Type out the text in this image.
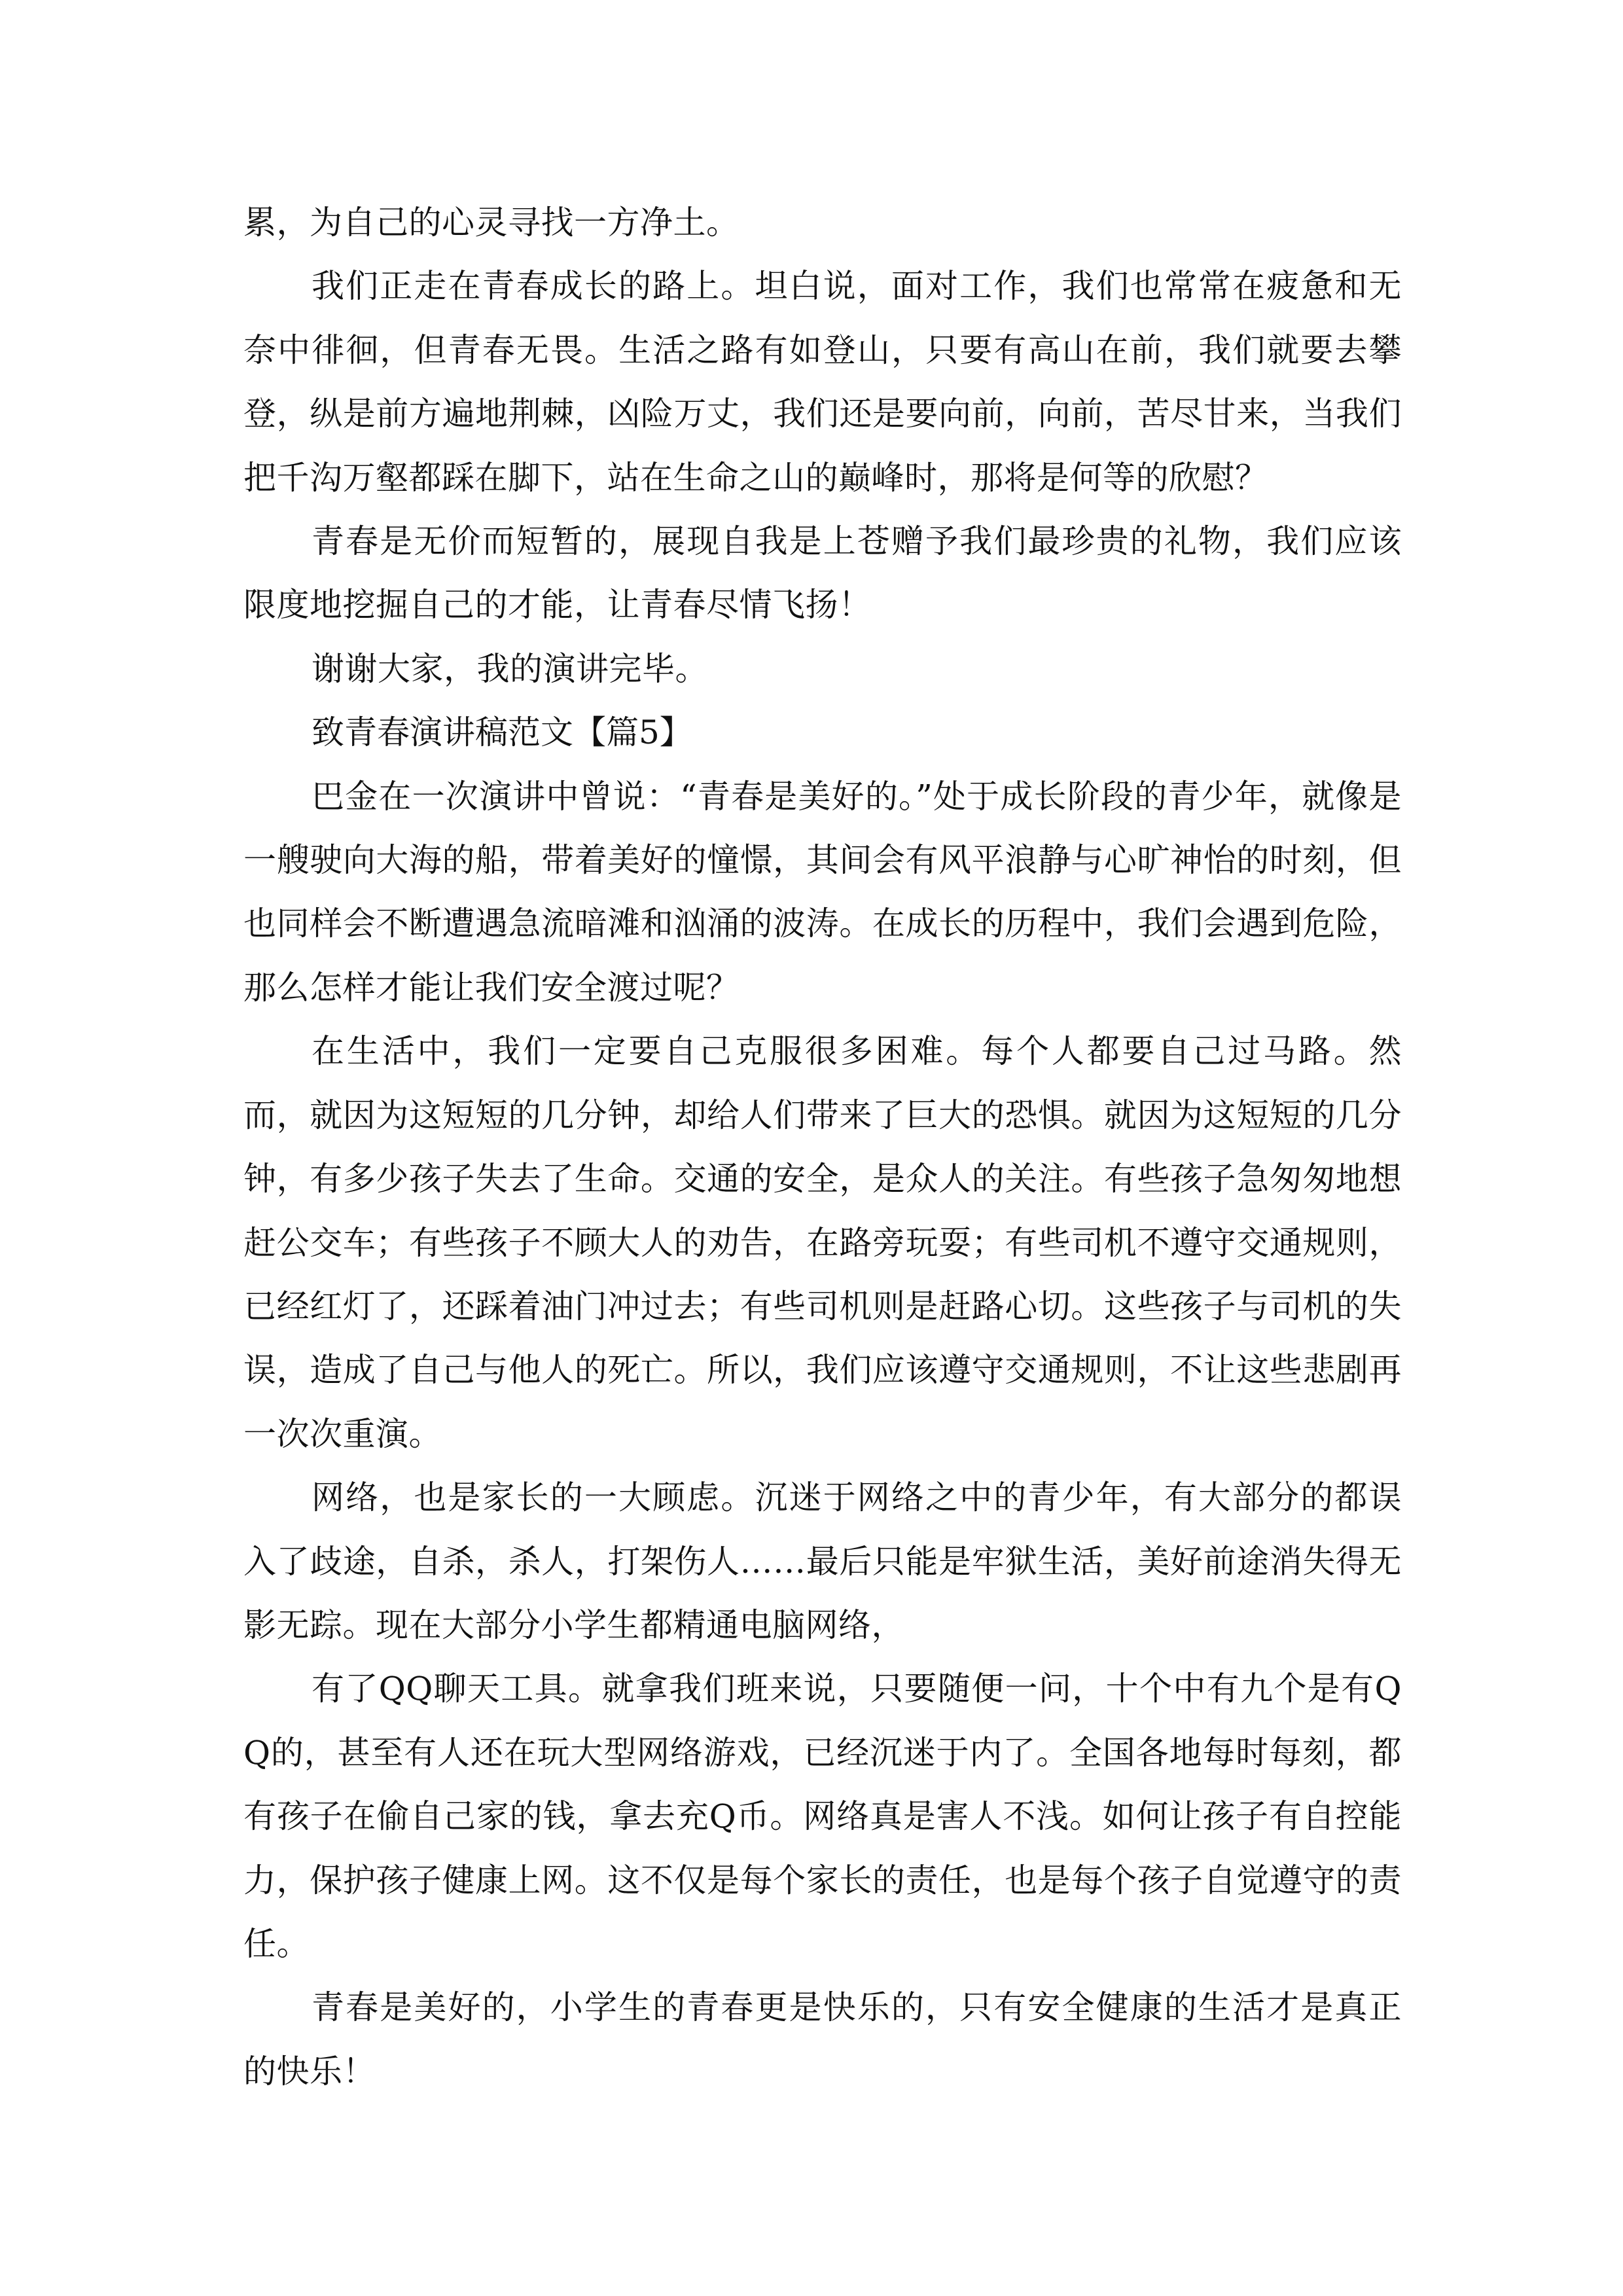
累，为自己的心灵寻找一方净土。

我们正走在青春成长的路上。坦白说，面对工作，我们也常常在疲惫和无奈中徘徊，但青春无畏。生活之路有如登山，只要有高山在前，我们就要去攀登，纵是前方遍地荆棘，凶险万丈，我们还是要向前，向前，苦尽甘来，当我们把千沟万壑都踩在脚下，站在生命之山的巅峰时，那将是何等的欣慰？

青春是无价而短暂的，展现自我是上苍赠予我们最珍贵的礼物，我们应该限度地挖掘自己的才能，让青春尽情飞扬！

谢谢大家，我的演讲完毕。

致青春演讲稿范文【篇5】

巴金在一次演讲中曾说：“青春是美好的。”处于成长阶段的青少年，就像是一艘驶向大海的船，带着美好的憧憬，其间会有风平浪静与心旷神怡的时刻，但也同样会不断遭遇急流暗滩和汹涌的波涛。在成长的历程中，我们会遇到危险，那么怎样才能让我们安全渡过呢？

在生活中，我们一定要自己克服很多困难。每个人都要自己过马路。然而，就因为这短短的几分钟，却给人们带来了巨大的恐惧。就因为这短短的几分钟，有多少孩子失去了生命。交通的安全，是众人的关注。有些孩子急匆匆地想赶公交车；有些孩子不顾大人的劝告，在路旁玩耍；有些司机不遵守交通规则，已经红灯了，还踩着油门冲过去；有些司机则是赶路心切。这些孩子与司机的失误，造成了自己与他人的死亡。所以，我们应该遵守交通规则，不让这些悲剧再一次次重演。

网络，也是家长的一大顾虑。沉迷于网络之中的青少年，有大部分的都误入了歧途，自杀，杀人，打架伤人……最后只能是牢狱生活，美好前途消失得无影无踪。现在大部分小学生都精通电脑网络，

有了QQ聊天工具。就拿我们班来说，只要随便一问，十个中有九个是有QQ的，甚至有人还在玩大型网络游戏，已经沉迷于内了。全国各地每时每刻，都有孩子在偷自己家的钱，拿去充Q币。网络真是害人不浅。如何让孩子有自控能力，保护孩子健康上网。这不仅是每个家长的责任，也是每个孩子自觉遵守的责任。

青春是美好的，小学生的青春更是快乐的，只有安全健康的生活才是真正的快乐！
